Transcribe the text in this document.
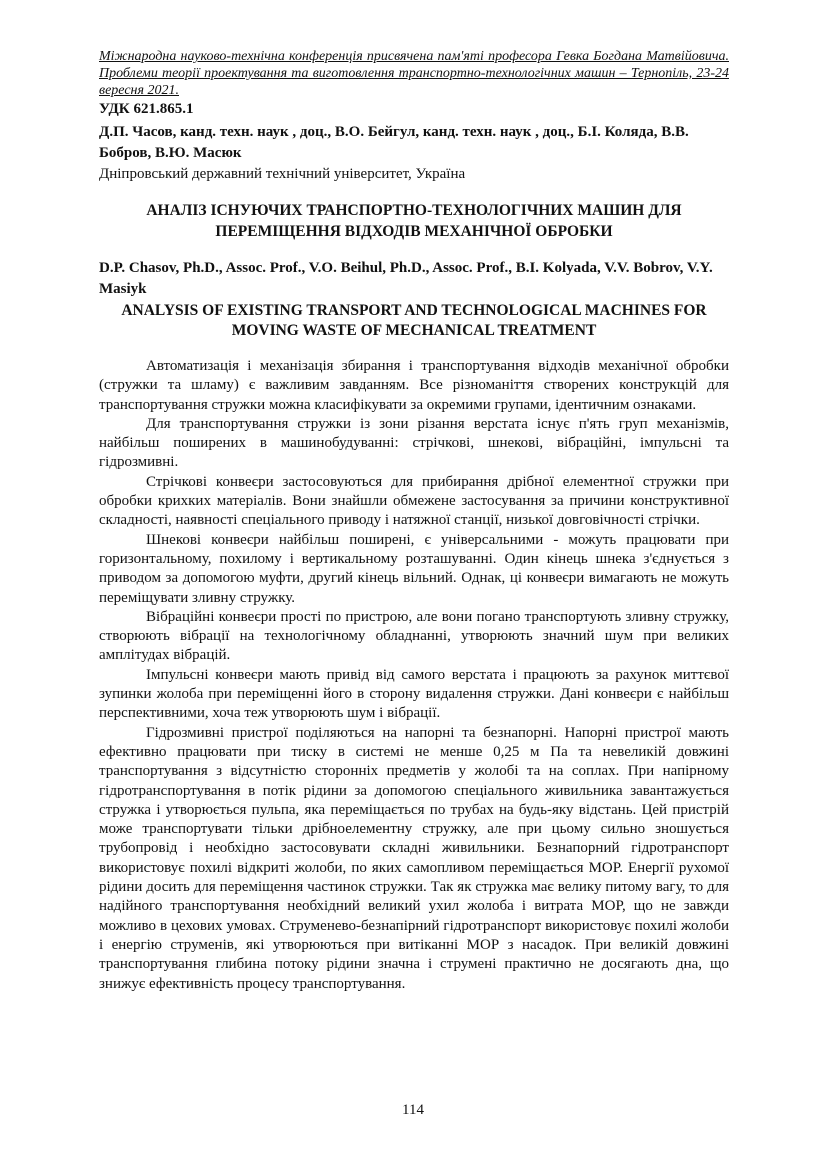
Міжнародна науково-технічна конференція присвячена пам'яті професора Гевка Богдана Матвійовича. Проблеми теорії проектування та виготовлення транспортно-технологічних машин – Тернопіль, 23-24 вересня 2021.

УДК 621.865.1

Д.П. Часов, канд. техн. наук , доц., В.О. Бейгул, канд. техн. наук , доц., Б.І. Коляда, В.В. Бобров, В.Ю. Масюк

Дніпровський державний технічний університет, Україна

АНАЛІЗ ІСНУЮЧИХ ТРАНСПОРТНО-ТЕХНОЛОГІЧНИХ МАШИН ДЛЯ ПЕРЕМІЩЕННЯ ВІДХОДІВ МЕХАНІЧНОЇ ОБРОБКИ

D.P. Chasov, Ph.D., Assoc. Prof., V.O. Beihul, Ph.D., Assoc. Prof., B.I. Kolyada, V.V. Bobrov, V.Y. Masiyk

ANALYSIS OF EXISTING TRANSPORT AND TECHNOLOGICAL MACHINES FOR MOVING WASTE OF MECHANICAL TREATMENT

Автоматизація і механізація збирання і транспортування відходів механічної обробки (стружки та шламу) є важливим завданням. Все різноманіття створених конструкцій для транспортування стружки можна класифікувати за окремими групами, ідентичним ознаками.

Для транспортування стружки із зони різання верстата існує п'ять груп механізмів, найбільш поширених в машинобудуванні: стрічкові, шнекові, вібраційні, імпульсні та гідрозмивні.

Стрічкові конвеєри застосовуються для прибирання дрібної елементної стружки при обробки крихких матеріалів. Вони знайшли обмежене застосування за причини конструктивної складності, наявності спеціального приводу і натяжної станції, низької довговічності стрічки.

Шнекові конвеєри найбільш поширені, є універсальними - можуть працювати при горизонтальному, похилому і вертикальному розташуванні. Один кінець шнека з'єднується з приводом за допомогою муфти, другий кінець вільний. Однак, ці конвеєри вимагають не можуть переміщувати зливну стружку.

Вібраційні конвеєри прості по пристрою, але вони погано транспортують зливну стружку, створюють вібрації на технологічному обладнанні, утворюють значний шум при великих амплітудах вібрацій.

Імпульсні конвеєри мають привід від самого верстата і працюють за рахунок миттєвої зупинки жолоба при переміщенні його в сторону видалення стружки. Дані конвеєри є найбільш перспективними, хоча теж утворюють шум і вібрації.

Гідрозмивні пристрої поділяються на напорні та безнапорні. Напорні пристрої мають ефективно працювати при тиску в системі не менше 0,25 м Па та невеликій довжині транспортування з відсутністю сторонніх предметів у жолобі та на соплах. При напірному гідротранспортування в потік рідини за допомогою спеціального живильника завантажується стружка і утворюється пульпа, яка переміщається по трубах на будь-яку відстань. Цей пристрій може транспортувати тільки дрібноелементну стружку, але при цьому сильно зношується трубопровід і необхідно застосовувати складні живильники. Безнапорний гідротранспорт використовує похилі відкриті жолоби, по яких самопливом переміщається МОР. Енергії рухомої рідини досить для переміщення частинок стружки. Так як стружка має велику питому вагу, то для надійного транспортування необхідний великий ухил жолоба і витрата МОР, що не завжди можливо в цехових умовах. Струменево-безнапірний гідротранспорт використовує похилі жолоби і енергію струменів, які утворюються при витіканні МОР з насадок. При великій довжині транспортування глибина потоку рідини значна і струмені практично не досягають дна, що знижує ефективність процесу транспортування.

114
